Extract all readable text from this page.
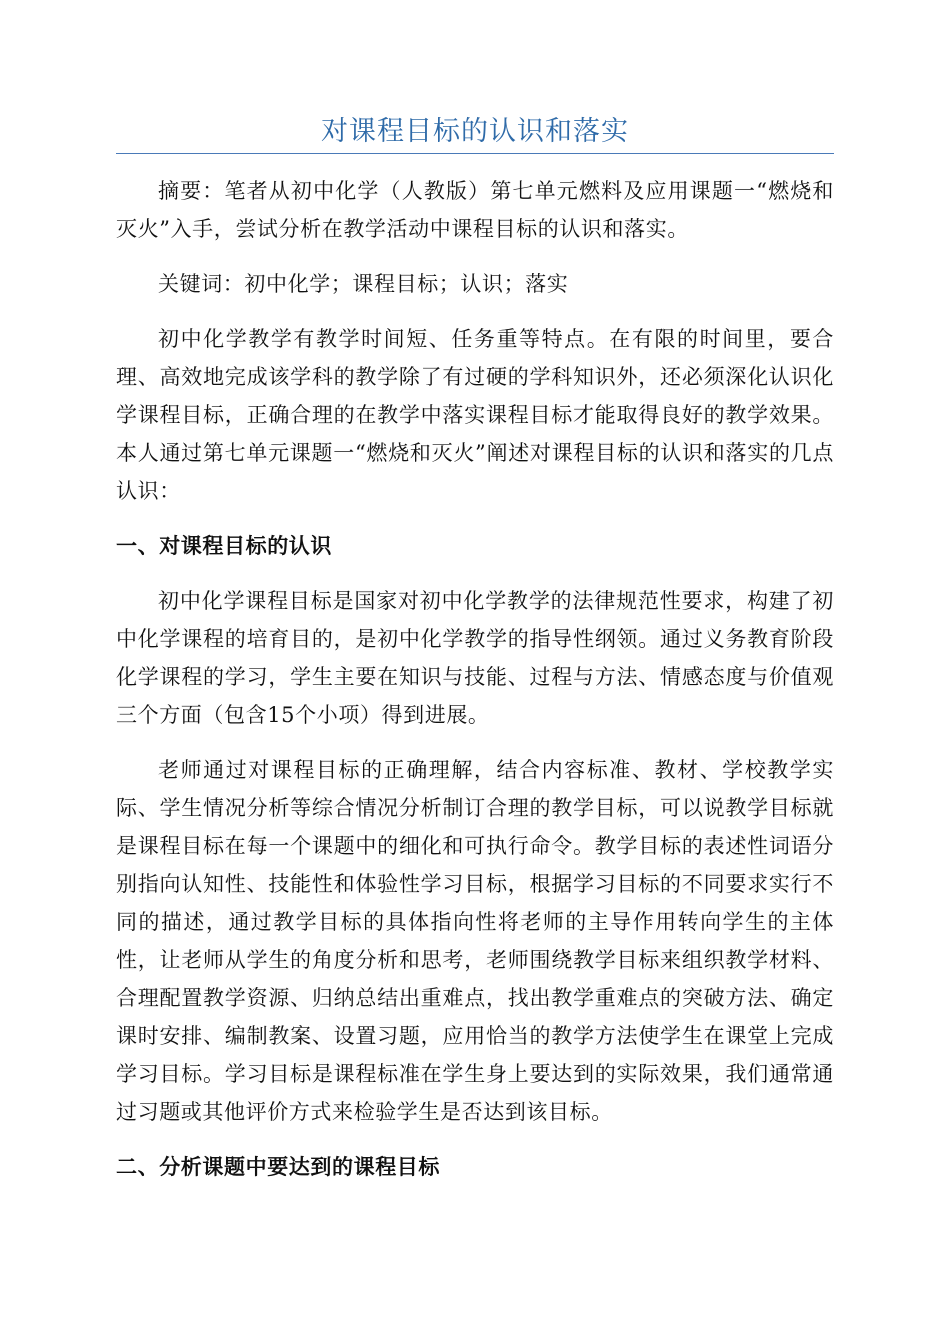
对课程目标的认识和落实

摘要：笔者从初中化学（人教版）第七单元燃料及应用课题一“燃烧和灭火”入手，尝试分析在教学活动中课程目标的认识和落实。

关键词：初中化学；课程目标；认识；落实

初中化学教学有教学时间短、任务重等特点。在有限的时间里，要合理、高效地完成该学科的教学除了有过硬的学科知识外，还必须深化认识化学课程目标，正确合理的在教学中落实课程目标才能取得良好的教学效果。本人通过第七单元课题一“燃烧和灭火”阐述对课程目标的认识和落实的几点认识：

一、对课程目标的认识

初中化学课程目标是国家对初中化学教学的法律规范性要求，构建了初中化学课程的培育目的，是初中化学教学的指导性纲领。通过义务教育阶段化学课程的学习，学生主要在知识与技能、过程与方法、情感态度与价值观三个方面（包含15个小项）得到进展。

老师通过对课程目标的正确理解，结合内容标准、教材、学校教学实际、学生情况分析等综合情况分析制订合理的教学目标，可以说教学目标就是课程目标在每一个课题中的细化和可执行命令。教学目标的表述性词语分别指向认知性、技能性和体验性学习目标，根据学习目标的不同要求实行不同的描述，通过教学目标的具体指向性将老师的主导作用转向学生的主体性，让老师从学生的角度分析和思考，老师围绕教学目标来组织教学材料、合理配置教学资源、归纳总结出重难点，找出教学重难点的突破方法、确定课时安排、编制教案、设置习题，应用恰当的教学方法使学生在课堂上完成学习目标。学习目标是课程标准在学生身上要达到的实际效果，我们通常通过习题或其他评价方式来检验学生是否达到该目标。

二、分析课题中要达到的课程目标
